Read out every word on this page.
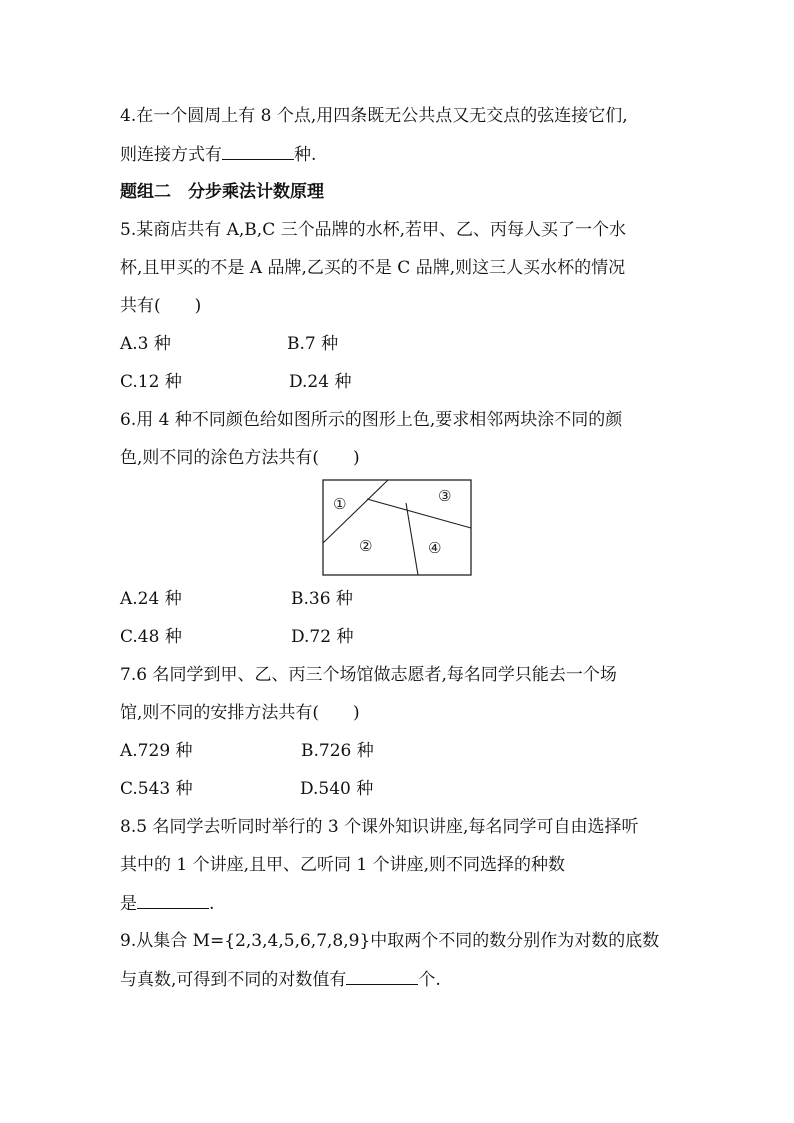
4.在一个圆周上有 8 个点,用四条既无公共点又无交点的弦连接它们,
则连接方式有	种.
题组二　分步乘法计数原理
5.某商店共有 A,B,C 三个品牌的水杯,若甲、乙、丙每人买了一个水
杯,且甲买的不是 A 品牌,乙买的不是 C 品牌,则这三人买水杯的情况
共有(　　)
A.3 种	B.7 种
C.12 种	D.24 种
6.用 4 种不同颜色给如图所示的图形上色,要求相邻两块涂不同的颜
色,则不同的涂色方法共有(　　)
①
②
③
④
A.24 种	B.36 种
C.48 种	D.72 种
7.6 名同学到甲、乙、丙三个场馆做志愿者,每名同学只能去一个场
馆,则不同的安排方法共有(　　)
A.729 种	B.726 种
C.543 种	D.540 种
8.5 名同学去听同时举行的 3 个课外知识讲座,每名同学可自由选择听
其中的 1 个讲座,且甲、乙听同 1 个讲座,则不同选择的种数
是	.
9.从集合 M={2,3,4,5,6,7,8,9}中取两个不同的数分别作为对数的底数
与真数,可得到不同的对数值有	个.
